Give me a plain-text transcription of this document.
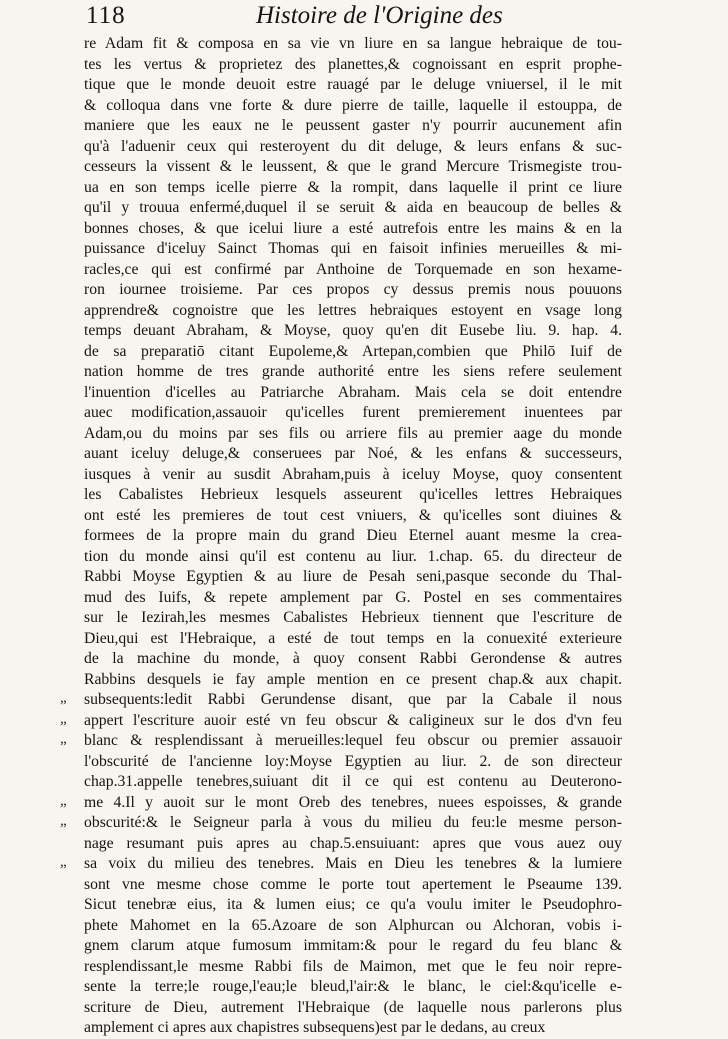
118	Histoire de l'Origine des
re Adam fit & composa en sa vie vn liure en sa langue hebraique de tou-
tes les vertus & proprietez des planettes,& cognoissant en esprit prophe-
tique que le monde deuoit estre rauagé par le deluge vniuersel, il le mit
& colloqua dans vne forte & dure pierre de taille, laquelle il estouppa, de
maniere que les eaux ne le peussent gaster n'y pourrir aucunement afin
qu'à l'aduenir ceux qui resteroyent du dit deluge, & leurs enfans & suc-
cesseurs la vissent & le leussent, & que le grand Mercure Trismegiste trou-
ua en son temps icelle pierre & la rompit, dans laquelle il print ce liure
qu'il y trouua enfermé,duquel il se seruit & aida en beaucoup de belles &
bonnes choses, & que icelui liure a esté autrefois entre les mains & en la
puissance d'iceluy Sainct Thomas qui en faisoit infinies merueilles & mi-
racles,ce qui est confirmé par Anthoine de Torquemade en son hexame-
ron iournee troisieme. Par ces propos cy dessus premis nous pouuons
apprendre& cognoistre que les lettres hebraiques estoyent en vsage long
temps deuant Abraham, & Moyse, quoy qu'en dit Eusebe liu. 9. hap. 4.
de sa preparatiō citant Eupoleme,& Artepan,combien que Philō Iuif de
nation homme de tres grande authorité entre les siens refere seulement
l'inuention d'icelles au Patriarche Abraham. Mais cela se doit entendre
auec modification,assauoir qu'icelles furent premierement inuentees par
Adam,ou du moins par ses fils ou arriere fils au premier aage du monde
auant iceluy deluge,& conseruees par Noé, & les enfans & successeurs,
iusques à venir au susdit Abraham,puis à iceluy Moyse, quoy consentent
les Cabalistes Hebrieux lesquels asseurent qu'icelles lettres Hebraiques
ont esté les premieres de tout cest vniuers, & qu'icelles sont diuines &
formees de la propre main du grand Dieu Eternel auant mesme la crea-
tion du monde ainsi qu'il est contenu au liur. 1.chap. 65. du directeur de
Rabbi Moyse Egyptien & au liure de Pesah seni,pasque seconde du Thal-
mud des Iuifs, & repete amplement par G. Postel en ses commentaires
sur le Iezirah,les mesmes Cabalistes Hebrieux tiennent que l'escriture de
Dieu,qui est l'Hebraique, a esté de tout temps en la conuexité exterieure
de la machine du monde, à quoy consent Rabbi Gerondense & autres
Rabbins desquels ie fay ample mention en ce present chap.& aux chapit.
„ subsequents:ledit Rabbi Gerundense disant, que par la Cabale il nous
„ appert l'escriture auoir esté vn feu obscur & caligineux sur le dos d'vn feu
„ blanc & resplendissant à merueilles:lequel feu obscur ou premier assauoir
l'obscurité de l'ancienne loy:Moyse Egyptien au liur. 2. de son directeur
chap.31.appelle tenebres,suiuant dit il ce qui est contenu au Deuterono-
„ me 4.Il y auoit sur le mont Oreb des tenebres, nuees espoisses, & grande
„ obscurité:& le Seigneur parla à vous du milieu du feu:le mesme person-
nage resumant puis apres au chap.5.ensuiuant: apres que vous auez ouy
„ sa voix du milieu des tenebres. Mais en Dieu les tenebres & la lumiere
sont vne mesme chose comme le porte tout apertement le Pseaume 139.
Sicut tenebræ eius, ita & lumen eius; ce qu'a voulu imiter le Pseudophro-
phete Mahomet en la 65.Azoare de son Alphurcan ou Alchoran, vobis i-
gnem clarum atque fumosum immitam:& pour le regard du feu blanc &
resplendissant,le mesme Rabbi fils de Maimon, met que le feu noir repre-
sente la terre;le rouge,l'eau;le bleud,l'air:& le blanc, le ciel:&qu'icelle e-
scriture de Dieu, autrement l'Hebraique (de laquelle nous parlerons plus
amplement ci apres aux chapistres subsequens)est par le dedans, au creux
